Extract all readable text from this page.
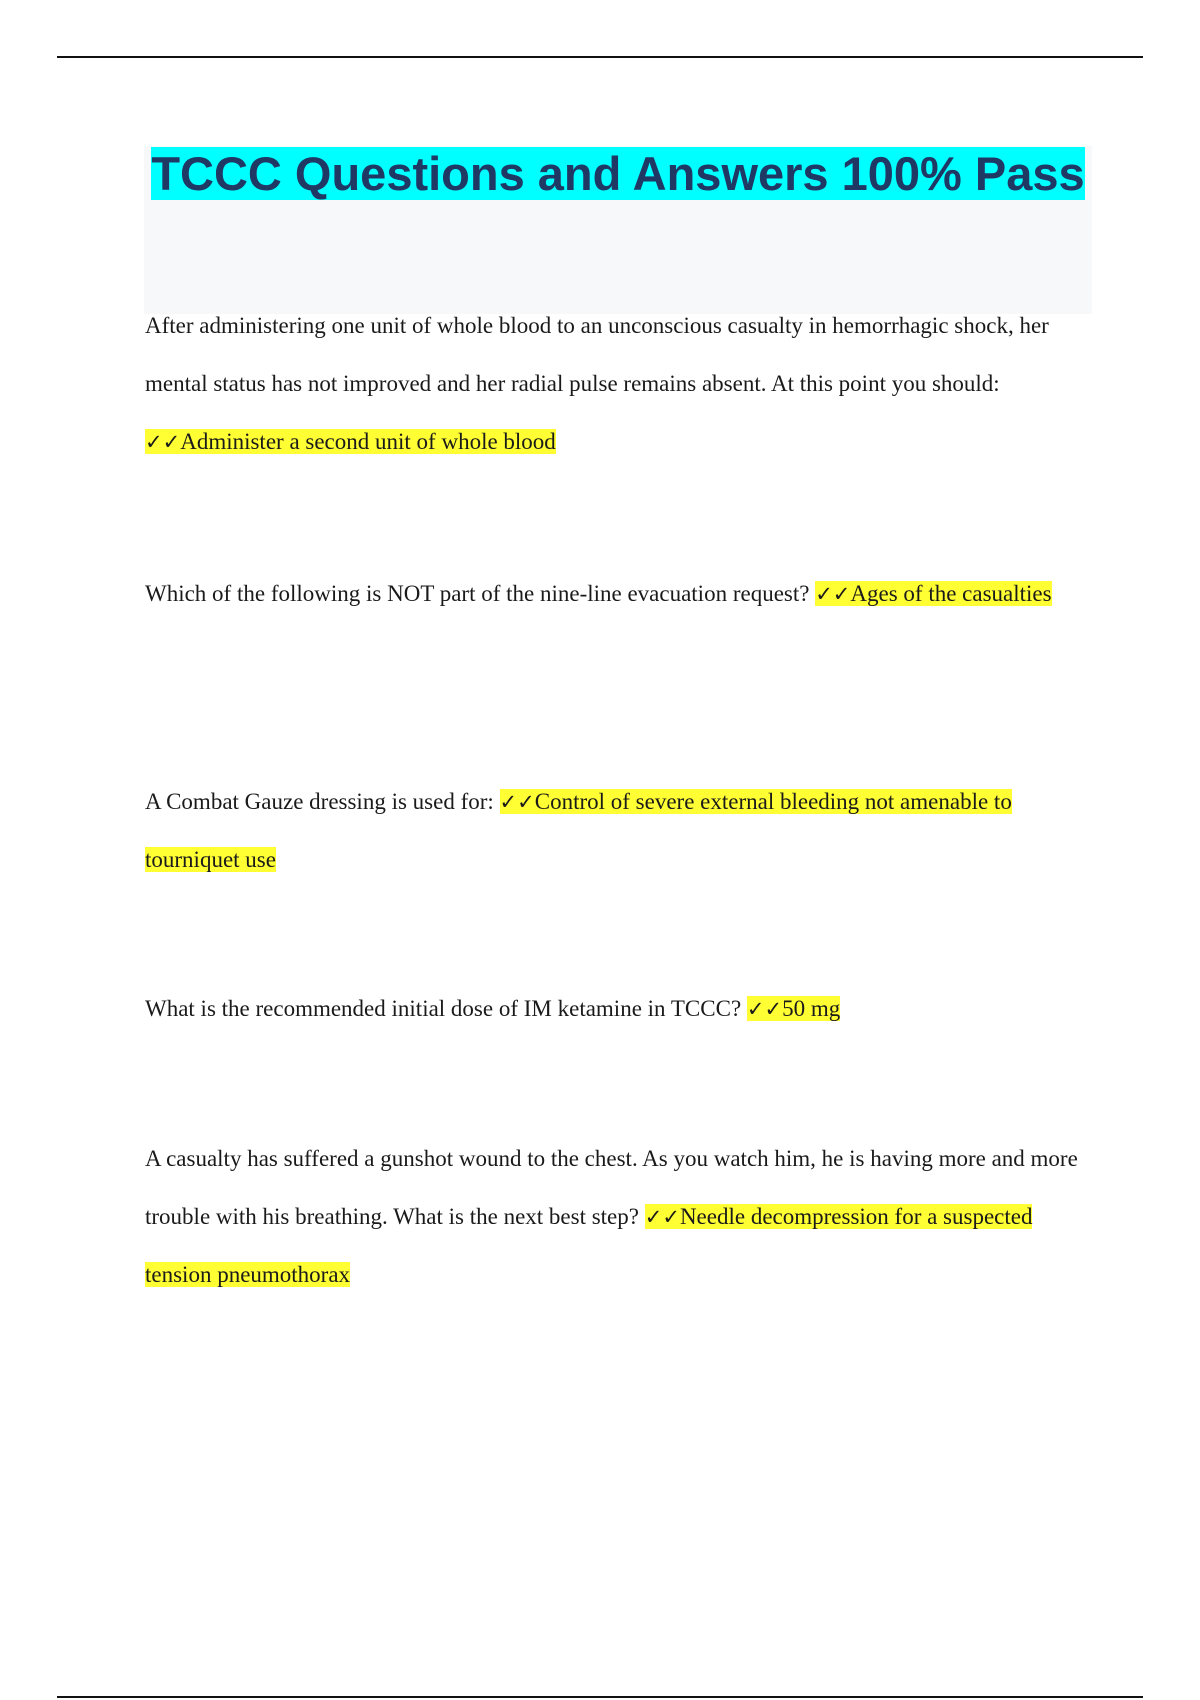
TCCC Questions and Answers 100% Pass

After administering one unit of whole blood to an unconscious casualty in hemorrhagic shock, her mental status has not improved and her radial pulse remains absent. At this point you should:
✓✓Administer a second unit of whole blood

Which of the following is NOT part of the nine-line evacuation request? ✓✓Ages of the casualties

A Combat Gauze dressing is used for: ✓✓Control of severe external bleeding not amenable to tourniquet use

What is the recommended initial dose of IM ketamine in TCCC? ✓✓50 mg

A casualty has suffered a gunshot wound to the chest. As you watch him, he is having more and more trouble with his breathing. What is the next best step? ✓✓Needle decompression for a suspected tension pneumothorax
